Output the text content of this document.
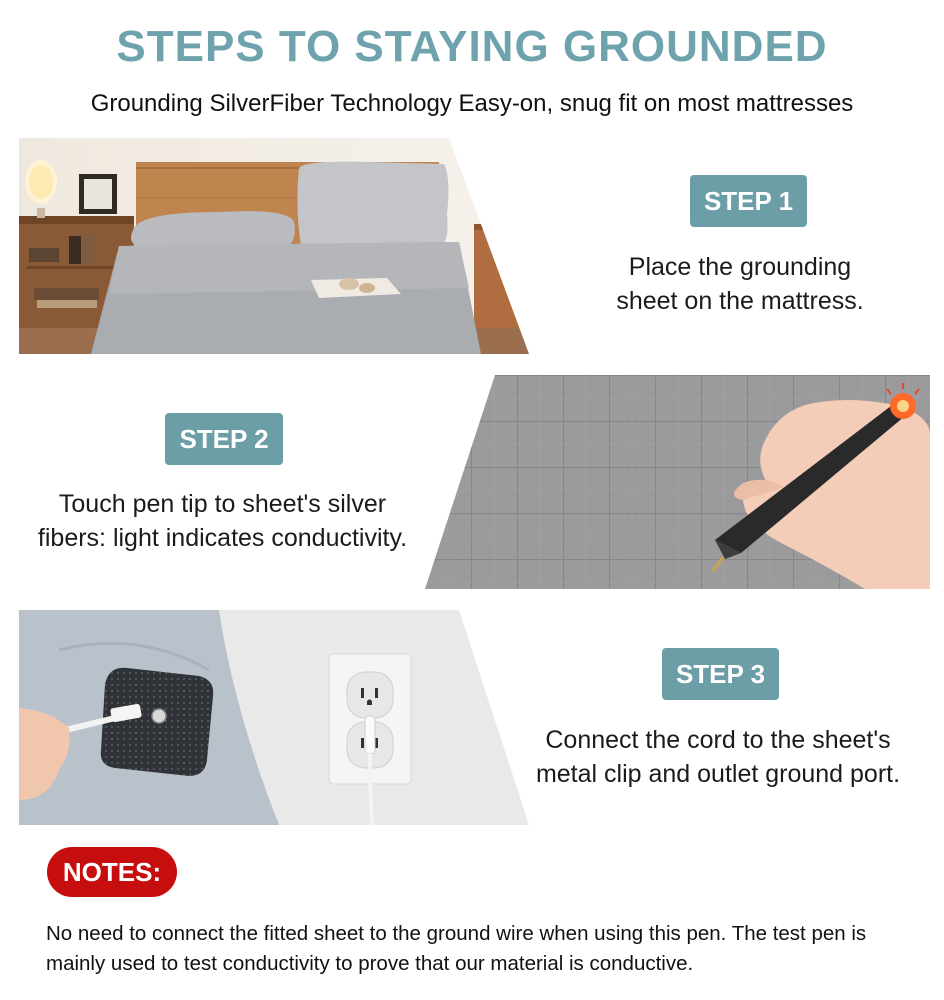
STEPS TO STAYING GROUNDED
Grounding SilverFiber Technology Easy-on, snug fit on most mattresses
STEP 1
Place the grounding
sheet on the mattress.
STEP 2
Touch pen tip to sheet's silver
fibers: light indicates conductivity.
STEP 3
Connect the cord to the sheet's
metal clip and outlet ground port.
NOTES:
No need to connect the fitted sheet to the ground wire when using this pen. The test pen is mainly used to test conductivity to prove that our material is conductive.
